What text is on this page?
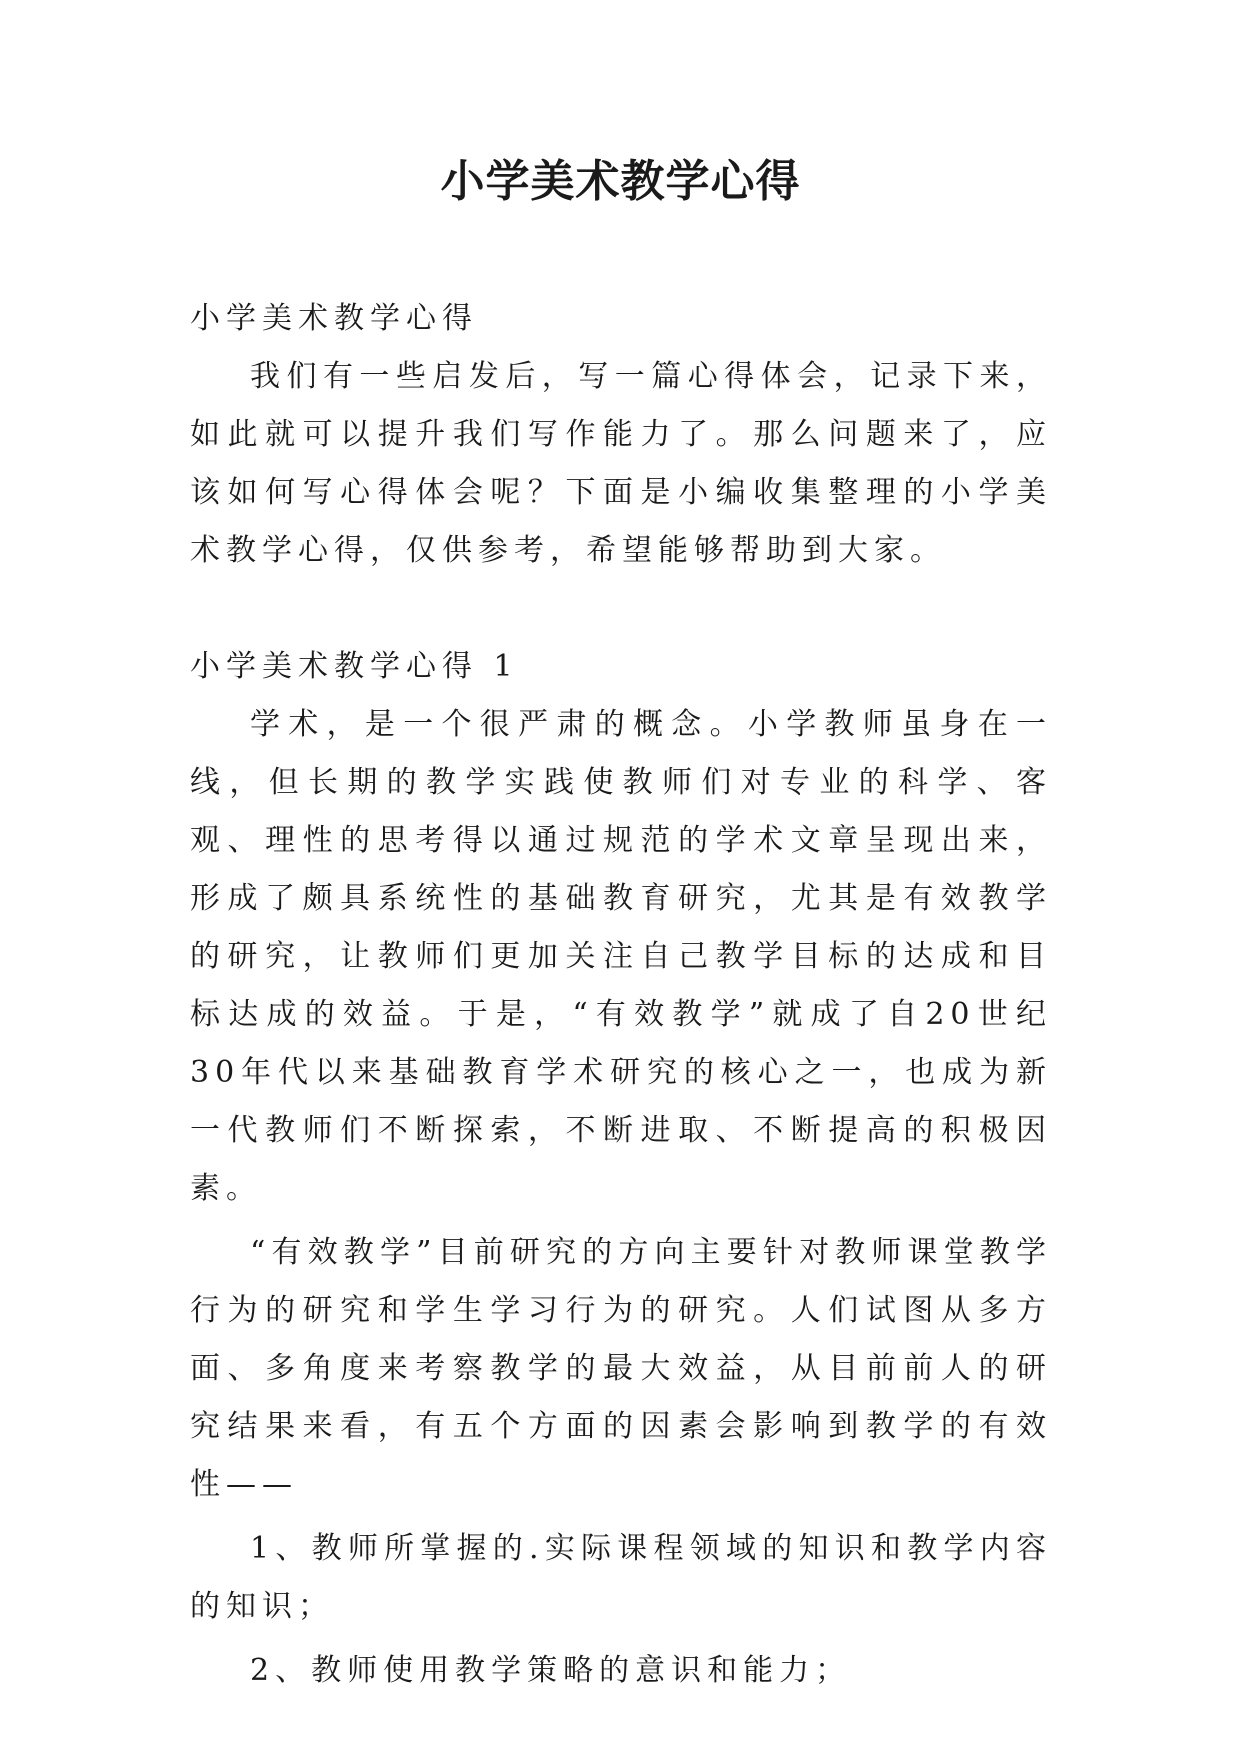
小学美术教学心得

小学美术教学心得

我们有一些启发后，写一篇心得体会，记录下来，如此就可以提升我们写作能力了。那么问题来了，应该如何写心得体会呢？下面是小编收集整理的小学美术教学心得，仅供参考，希望能够帮助到大家。

小学美术教学心得 1

学术，是一个很严肃的概念。小学教师虽身在一线，但长期的教学实践使教师们对专业的科学、客观、理性的思考得以通过规范的学术文章呈现出来，形成了颇具系统性的基础教育研究，尤其是有效教学的研究，让教师们更加关注自己教学目标的达成和目标达成的效益。于是，“有效教学”就成了自20世纪30年代以来基础教育学术研究的核心之一，也成为新一代教师们不断探索，不断进取、不断提高的积极因素。

“有效教学”目前研究的方向主要针对教师课堂教学行为的研究和学生学习行为的研究。人们试图从多方面、多角度来考察教学的最大效益，从目前前人的研究结果来看，有五个方面的因素会影响到教学的有效性——

1、教师所掌握的.实际课程领域的知识和教学内容的知识；

2、教师使用教学策略的意识和能力；
